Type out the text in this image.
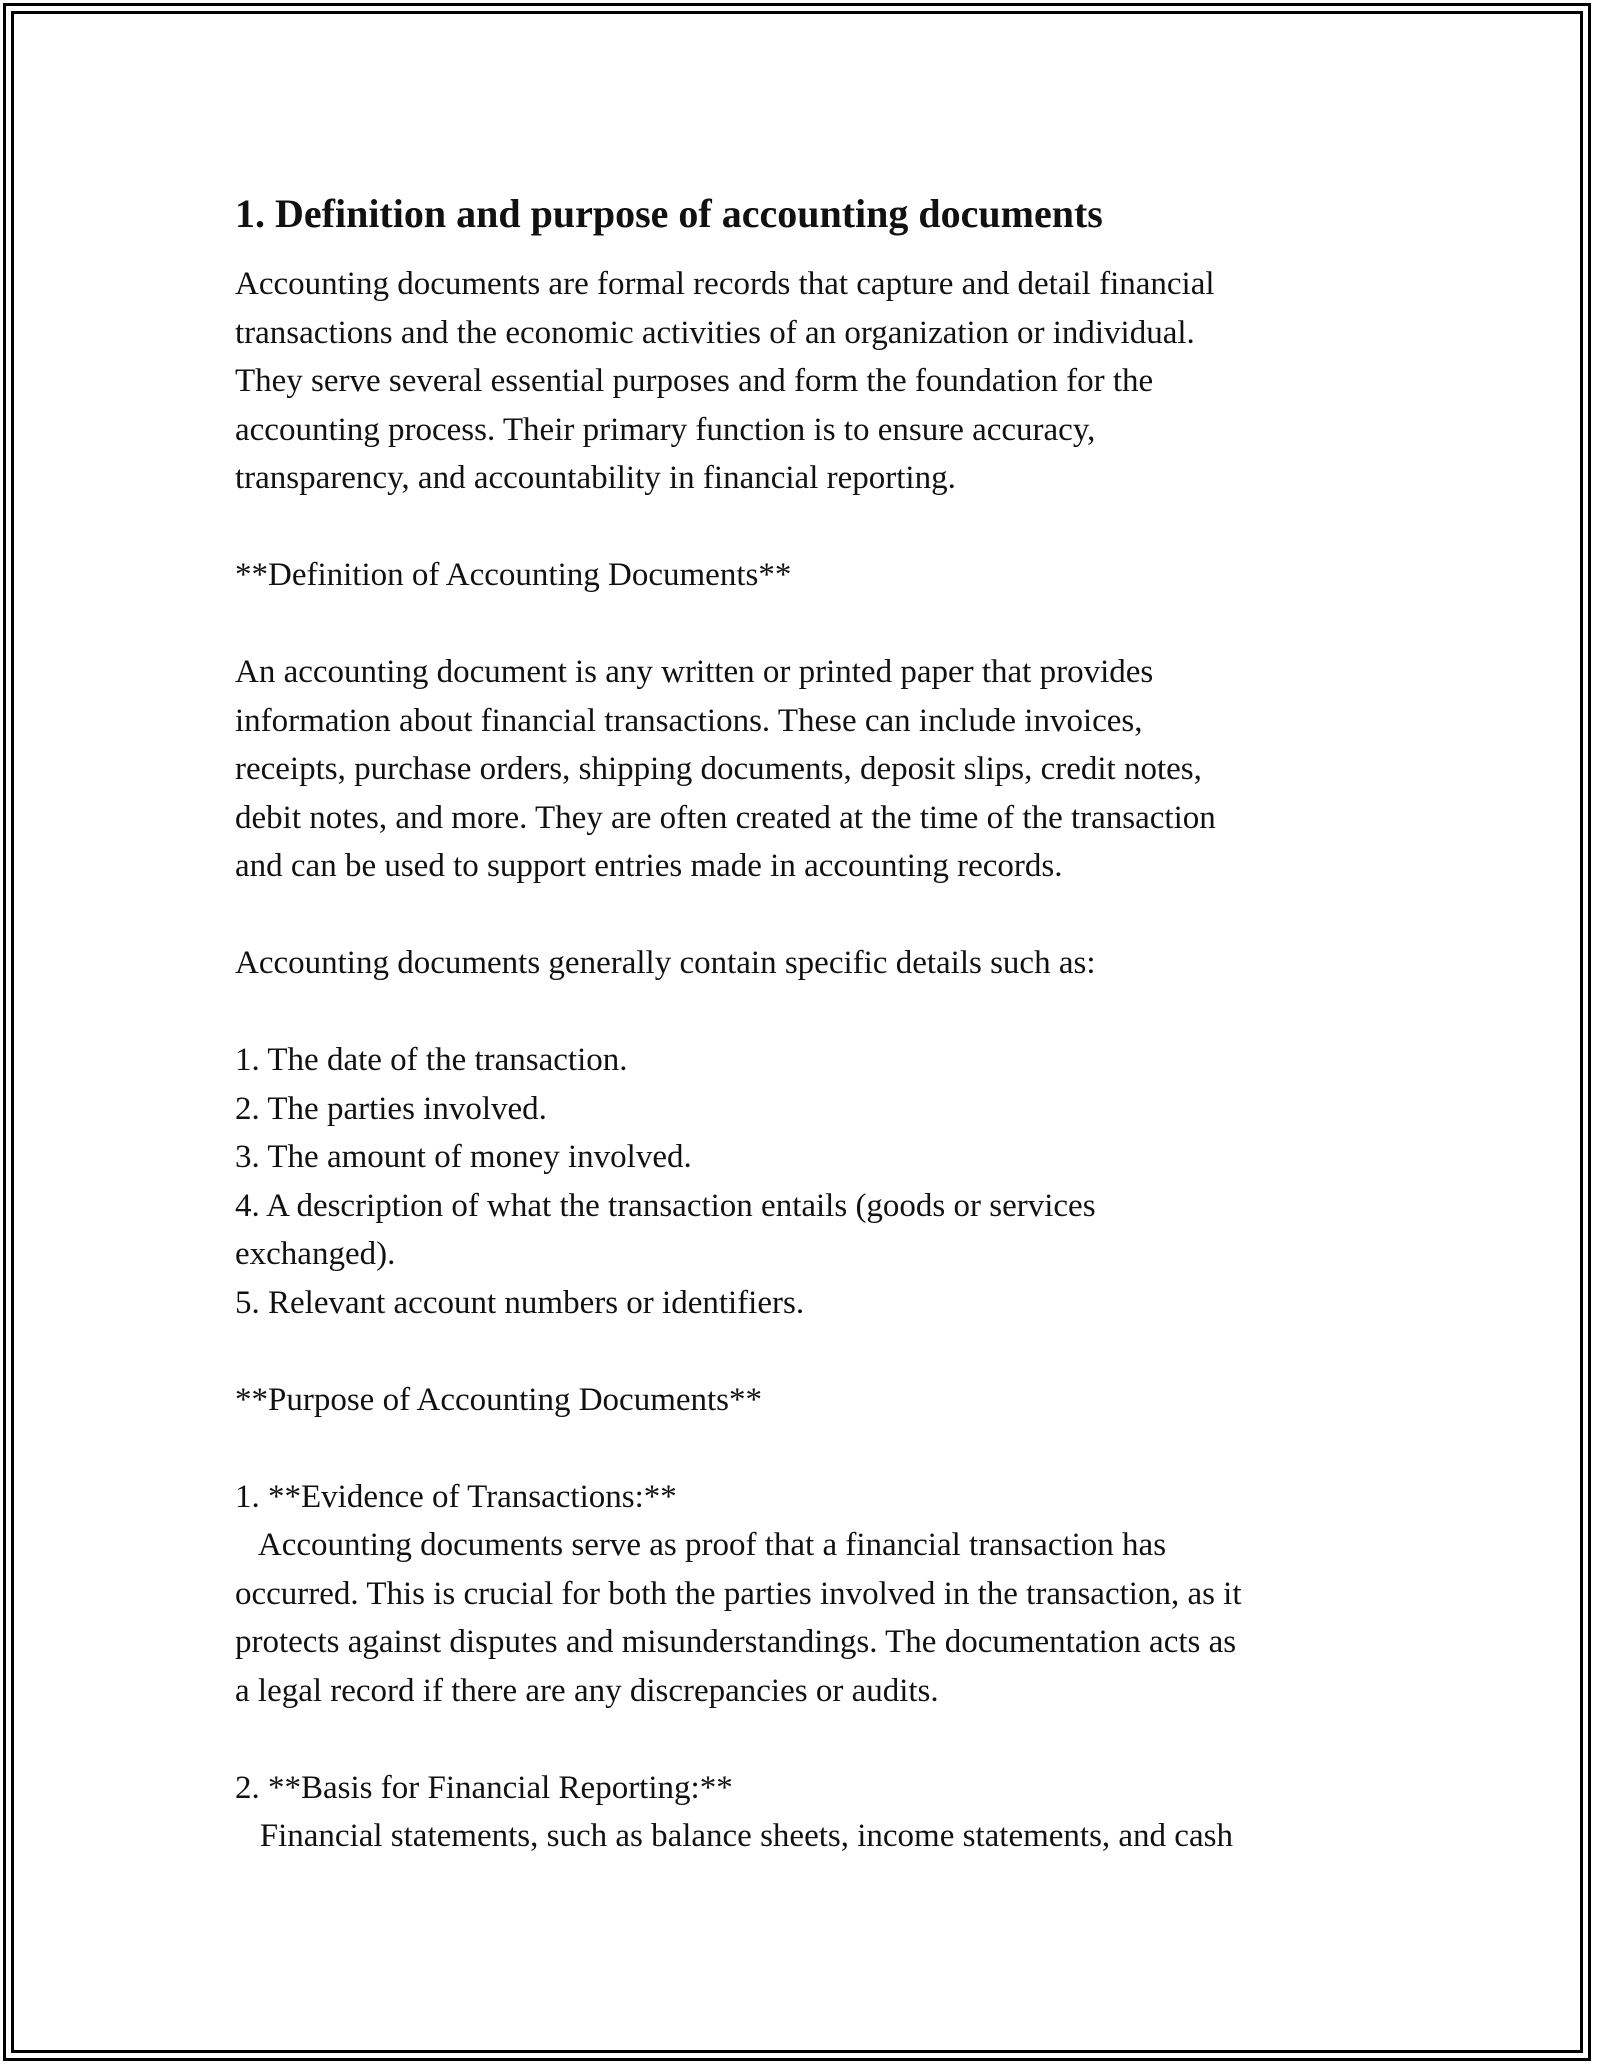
1. Definition and purpose of accounting documents
Accounting documents are formal records that capture and detail financial
transactions and the economic activities of an organization or individual.
They serve several essential purposes and form the foundation for the
accounting process. Their primary function is to ensure accuracy,
transparency, and accountability in financial reporting.
**Definition of Accounting Documents**
An accounting document is any written or printed paper that provides
information about financial transactions. These can include invoices,
receipts, purchase orders, shipping documents, deposit slips, credit notes,
debit notes, and more. They are often created at the time of the transaction
and can be used to support entries made in accounting records.
Accounting documents generally contain specific details such as:
1. The date of the transaction.
2. The parties involved.
3. The amount of money involved.
4. A description of what the transaction entails (goods or services
exchanged).
5. Relevant account numbers or identifiers.
**Purpose of Accounting Documents**
1. **Evidence of Transactions:**
Accounting documents serve as proof that a financial transaction has
occurred. This is crucial for both the parties involved in the transaction, as it
protects against disputes and misunderstandings. The documentation acts as
a legal record if there are any discrepancies or audits.
2. **Basis for Financial Reporting:**
Financial statements, such as balance sheets, income statements, and cash
